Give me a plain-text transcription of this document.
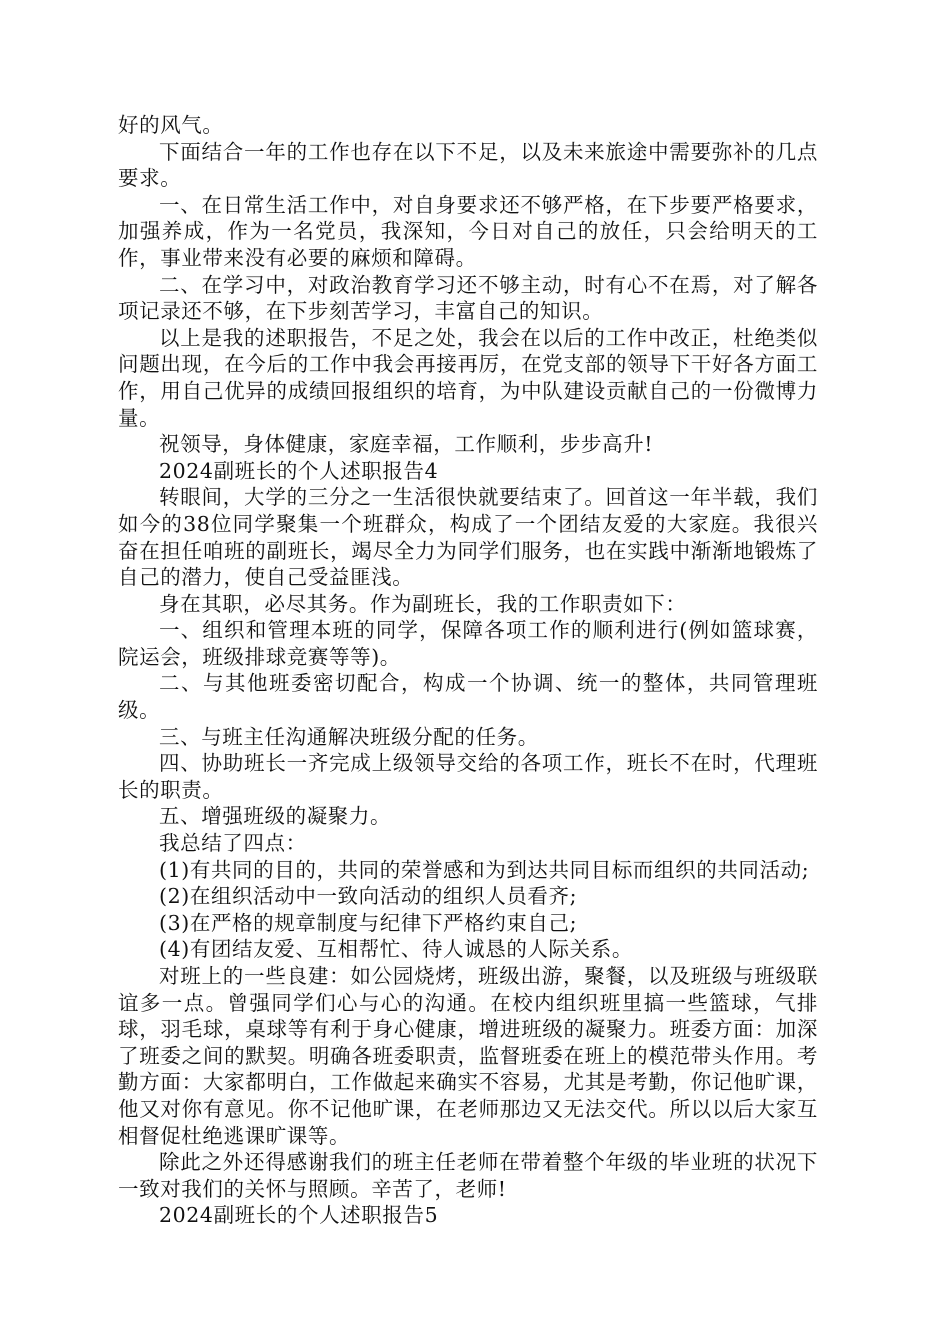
好的风气。

下面结合一年的工作也存在以下不足，以及未来旅途中需要弥补的几点要求。

一、在日常生活工作中，对自身要求还不够严格，在下步要严格要求，加强养成，作为一名党员，我深知，今日对自己的放任，只会给明天的工作，事业带来没有必要的麻烦和障碍。

二、在学习中，对政治教育学习还不够主动，时有心不在焉，对了解各项记录还不够，在下步刻苦学习，丰富自己的知识。

以上是我的述职报告，不足之处，我会在以后的工作中改正，杜绝类似问题出现，在今后的工作中我会再接再厉，在党支部的领导下干好各方面工作，用自己优异的成绩回报组织的培育，为中队建设贡献自己的一份微博力量。

祝领导，身体健康，家庭幸福，工作顺利，步步高升!

2024副班长的个人述职报告4

转眼间，大学的三分之一生活很快就要结束了。回首这一年半载，我们如今的38位同学聚集一个班群众，构成了一个团结友爱的大家庭。我很兴奋在担任咱班的副班长，竭尽全力为同学们服务，也在实践中渐渐地锻炼了自己的潜力，使自己受益匪浅。

身在其职，必尽其务。作为副班长，我的工作职责如下：

一、组织和管理本班的同学，保障各项工作的顺利进行(例如篮球赛，院运会，班级排球竞赛等等)。

二、与其他班委密切配合，构成一个协调、统一的整体，共同管理班级。

三、与班主任沟通解决班级分配的任务。

四、协助班长一齐完成上级领导交给的各项工作，班长不在时，代理班长的职责。

五、增强班级的凝聚力。

我总结了四点：

(1)有共同的目的，共同的荣誉感和为到达共同目标而组织的共同活动;

(2)在组织活动中一致向活动的组织人员看齐;

(3)在严格的规章制度与纪律下严格约束自己;

(4)有团结友爱、互相帮忙、待人诚恳的人际关系。

对班上的一些良建：如公园烧烤，班级出游，聚餐，以及班级与班级联谊多一点。曾强同学们心与心的沟通。在校内组织班里搞一些篮球，气排球，羽毛球，桌球等有利于身心健康，增进班级的凝聚力。班委方面：加深了班委之间的默契。明确各班委职责，监督班委在班上的模范带头作用。考勤方面：大家都明白，工作做起来确实不容易，尤其是考勤，你记他旷课，他又对你有意见。你不记他旷课，在老师那边又无法交代。所以以后大家互相督促杜绝逃课旷课等。

除此之外还得感谢我们的班主任老师在带着整个年级的毕业班的状况下一致对我们的关怀与照顾。辛苦了，老师!

2024副班长的个人述职报告5
